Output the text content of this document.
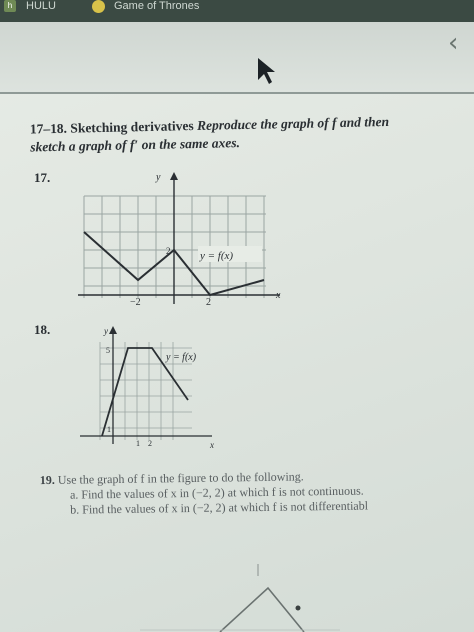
h	HULU	Game of Thrones
‹
17–18. Sketching derivatives Reproduce the graph of f and then
sketch a graph of f′ on the same axes.
17.	y
x
y = f(x)
2
−2	2
18.	y
x
y = f(x)
5
1
1 2
19. Use the graph of f in the figure to do the following.
a. Find the values of x in (−2, 2) at which f is not continuous.
b. Find the values of x in (−2, 2) at which f is not differentiabl
